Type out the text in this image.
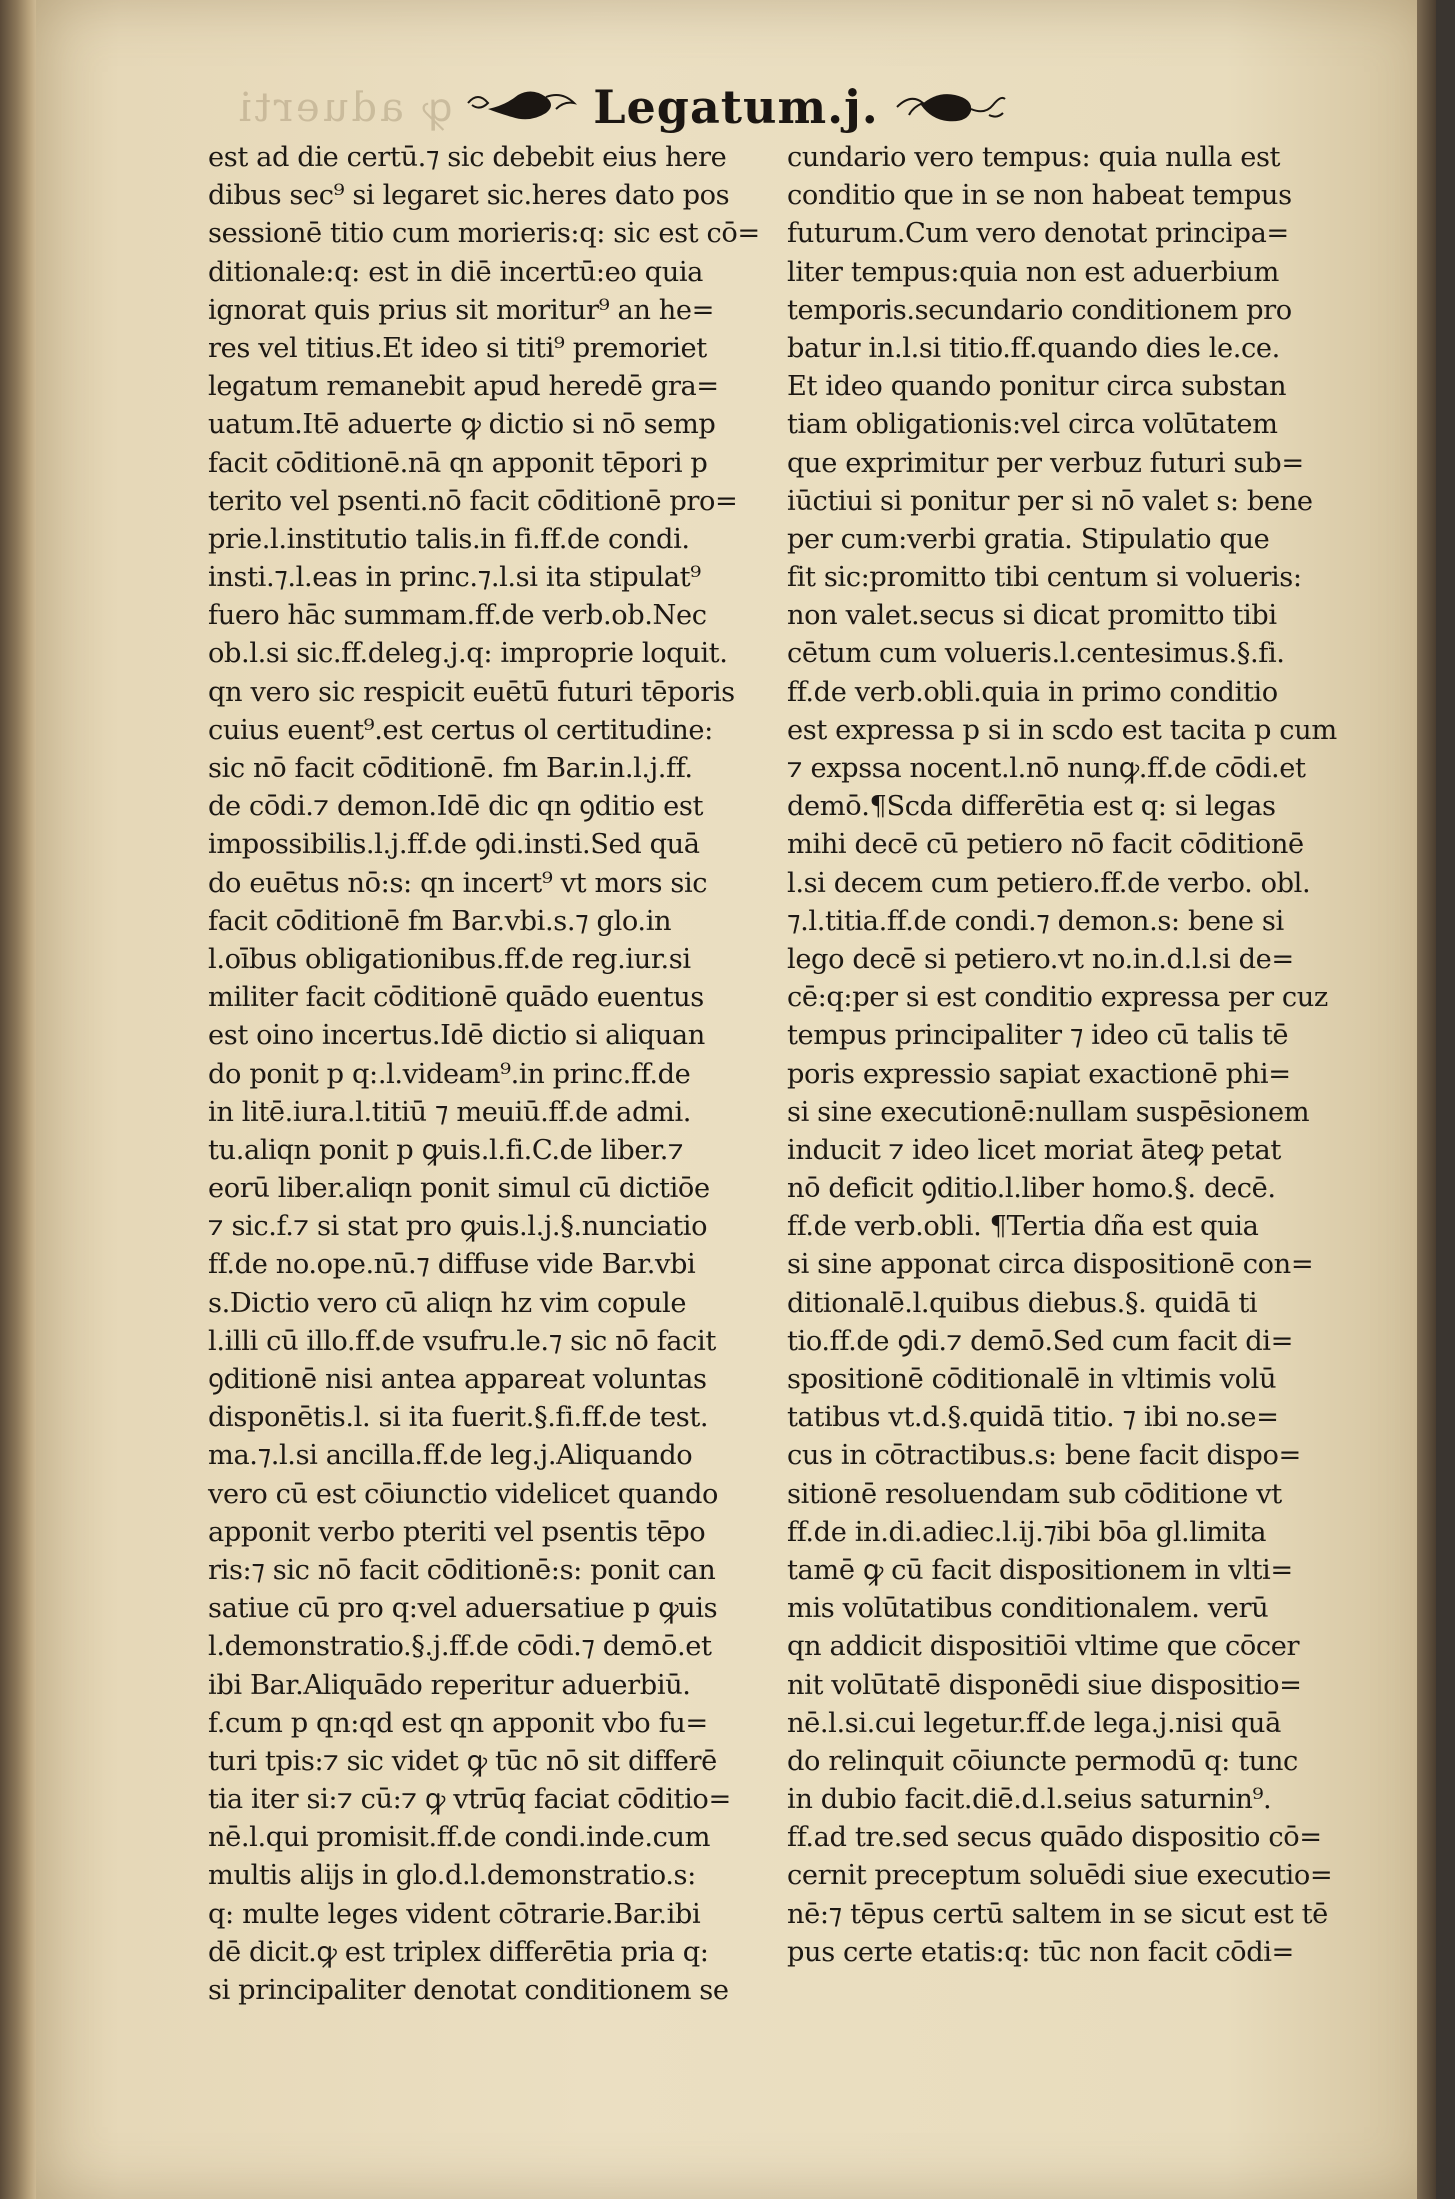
ꝙ aduerti	Legatum.j.
est ad die certū.⁊ sic debebit eius here
dibus sec⁹ si legaret sic.heres dato pos
sessionē titio cum morieris:q: sic est cō=
ditionale:q: est in diē incertū:eo quia
ignorat quis prius sit moritur⁹ an he=
res vel titius.Et ideo si titi⁹ premoriet
legatum remanebit apud heredē gra=
uatum.Itē aduerte ꝙ dictio si nō semp
facit cōditionē.nā qn apponit tēpori p
terito vel psenti.nō facit cōditionē pro=
prie.l.institutio talis.in fi.ff.de condi.
insti.⁊.l.eas in princ.⁊.l.si ita stipulat⁹
fuero hāc summam.ff.de verb.ob.Nec
ob.l.si sic.ff.deleg.j.q: improprie loquit.
qn vero sic respicit euētū futuri tēporis
cuius euent⁹.est certus ol certitudine:
sic nō facit cōditionē. fm Bar.in.l.j.ff.
de cōdi.⁊ demon.Idē dic qn ꝯditio est
impossibilis.l.j.ff.de ꝯdi.insti.Sed quā
do euētus nō:s: qn incert⁹ vt mors sic
facit cōditionē fm Bar.vbi.s.⁊ glo.in
l.oībus obligationibus.ff.de reg.iur.si
militer facit cōditionē quādo euentus
est oino incertus.Idē dictio si aliquan
do ponit p q:.l.videam⁹.in princ.ff.de
in litē.iura.l.titiū ⁊ meuiū.ff.de admi.
tu.aliqn ponit p ꝙuis.l.fi.C.de liber.⁊
eorū liber.aliqn ponit simul cū dictiōe
⁊ sic.f.⁊ si stat pro ꝙuis.l.j.§.nunciatio
ff.de no.ope.nū.⁊ diffuse vide Bar.vbi
s.Dictio vero cū aliqn hz vim copule
l.illi cū illo.ff.de vsufru.le.⁊ sic nō facit
ꝯditionē nisi antea appareat voluntas
disponētis.l. si ita fuerit.§.fi.ff.de test.
ma.⁊.l.si ancilla.ff.de leg.j.Aliquando
vero cū est cōiunctio videlicet quando
apponit verbo pteriti vel psentis tēpo
ris:⁊ sic nō facit cōditionē:s: ponit can
satiue cū pro q:vel aduersatiue p ꝙuis
l.demonstratio.§.j.ff.de cōdi.⁊ demō.et
ibi Bar.Aliquādo reperitur aduerbiū.
f.cum p qn:qd est qn apponit vbo fu=
turi tpis:⁊ sic videt ꝙ tūc nō sit differē
tia iter si:⁊ cū:⁊ ꝙ vtrūq faciat cōditio=
nē.l.qui promisit.ff.de condi.inde.cum
multis alijs in glo.d.l.demonstratio.s:
q: multe leges vident cōtrarie.Bar.ibi
dē dicit.ꝙ est triplex differētia pria q:
si principaliter denotat conditionem se
cundario vero tempus: quia nulla est
conditio que in se non habeat tempus
futurum.Cum vero denotat principa=
liter tempus:quia non est aduerbium
temporis.secundario conditionem pro
batur in.l.si titio.ff.quando dies le.ce.
Et ideo quando ponitur circa substan
tiam obligationis:vel circa volūtatem
que exprimitur per verbuz futuri sub=
iūctiui si ponitur per si nō valet s: bene
per cum:verbi gratia. Stipulatio que
fit sic:promitto tibi centum si volueris:
non valet.secus si dicat promitto tibi
cētum cum volueris.l.centesimus.§.fi.
ff.de verb.obli.quia in primo conditio
est expressa p si in scdo est tacita p cum
⁊ expssa nocent.l.nō nunꝙ.ff.de cōdi.et
demō.¶Scda differētia est q: si legas
mihi decē cū petiero nō facit cōditionē
l.si decem cum petiero.ff.de verbo. obl.
⁊.l.titia.ff.de condi.⁊ demon.s: bene si
lego decē si petiero.vt no.in.d.l.si de=
cē:q:per si est conditio expressa per cuz
tempus principaliter ⁊ ideo cū talis tē
poris expressio sapiat exactionē phi=
si sine executionē:nullam suspēsionem
inducit ⁊ ideo licet moriat āteꝙ petat
nō deficit ꝯditio.l.liber homo.§. decē.
ff.de verb.obli. ¶Tertia dña est quia
si sine apponat circa dispositionē con=
ditionalē.l.quibus diebus.§. quidā ti
tio.ff.de ꝯdi.⁊ demō.Sed cum facit di=
spositionē cōditionalē in vltimis volū
tatibus vt.d.§.quidā titio. ⁊ ibi no.se=
cus in cōtractibus.s: bene facit dispo=
sitionē resoluendam sub cōditione vt
ff.de in.di.adiec.l.ij.⁊ibi bōa gl.limita
tamē ꝙ cū facit dispositionem in vlti=
mis volūtatibus conditionalem. verū
qn addicit dispositiōi vltime que cōcer
nit volūtatē disponēdi siue dispositio=
nē.l.si.cui legetur.ff.de lega.j.nisi quā
do relinquit cōiuncte permodū q: tunc
in dubio facit.diē.d.l.seius saturnin⁹.
ff.ad tre.sed secus quādo dispositio cō=
cernit preceptum soluēdi siue executio=
nē:⁊ tēpus certū saltem in se sicut est tē
pus certe etatis:q: tūc non facit cōdi=
